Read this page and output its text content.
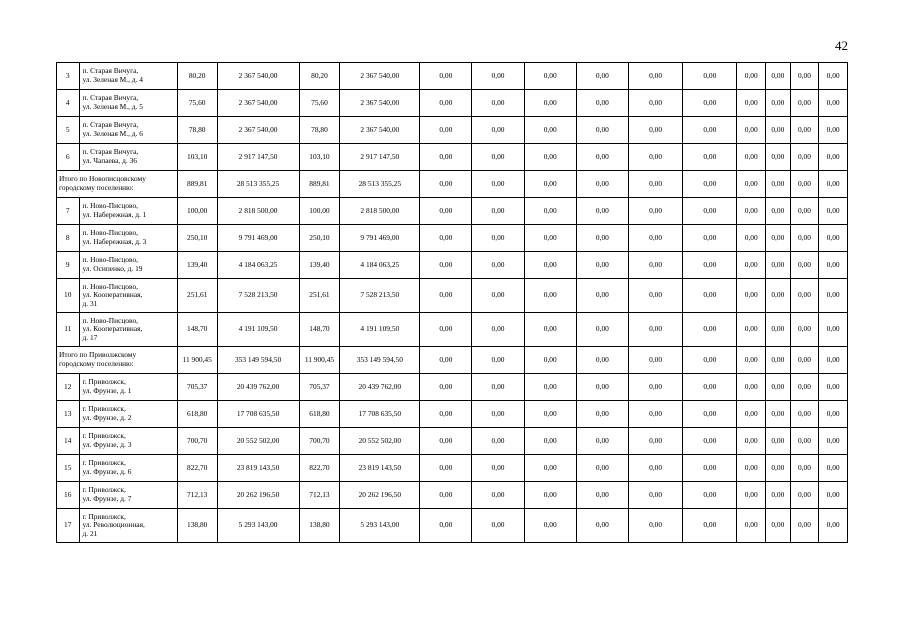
42
3	п. Старая Вичуга,
ул. Зеленая М., д. 4	80,20	2 367 540,00	80,20	2 367 540,00	0,00	0,00	0,00	0,00	0,00	0,00	0,00	0,00	0,00	0,00
4	п. Старая Вичуга,
ул. Зеленая М., д. 5	75,60	2 367 540,00	75,60	2 367 540,00	0,00	0,00	0,00	0,00	0,00	0,00	0,00	0,00	0,00	0,00
5	п. Старая Вичуга,
ул. Зеленая М., д. 6	78,80	2 367 540,00	78,80	2 367 540,00	0,00	0,00	0,00	0,00	0,00	0,00	0,00	0,00	0,00	0,00
6	п. Старая Вичуга,
ул. Чапаева, д. 36	103,10	2 917 147,50	103,10	2 917 147,50	0,00	0,00	0,00	0,00	0,00	0,00	0,00	0,00	0,00	0,00
Итого по Новописцовскому
городскому поселению:		889,81	28 513 355,25	889,81	28 513 355,25	0,00	0,00	0,00	0,00	0,00	0,00	0,00	0,00	0,00	0,00
7	п. Ново-Писцово,
ул. Набережная, д. 1	100,00	2 818 500,00	100,00	2 818 500,00	0,00	0,00	0,00	0,00	0,00	0,00	0,00	0,00	0,00	0,00
8	п. Ново-Писцово,
ул. Набережная, д. 3	250,10	9 791 469,00	250,10	9 791 469,00	0,00	0,00	0,00	0,00	0,00	0,00	0,00	0,00	0,00	0,00
9	п. Ново-Писцово,
ул. Осипенко, д. 19	139,40	4 184 063,25	139,40	4 184 063,25	0,00	0,00	0,00	0,00	0,00	0,00	0,00	0,00	0,00	0,00
10	п. Ново-Писцово,
ул. Кооперативная,
д. 31	251,61	7 528 213,50	251,61	7 528 213,50	0,00	0,00	0,00	0,00	0,00	0,00	0,00	0,00	0,00	0,00
11	п. Ново-Писцово,
ул. Кооперативная,
д. 17	148,70	4 191 109,50	148,70	4 191 109,50	0,00	0,00	0,00	0,00	0,00	0,00	0,00	0,00	0,00	0,00
Итого по Приволжскому
городскому поселению:		11 900,45	353 149 594,50	11 900,45	353 149 594,50	0,00	0,00	0,00	0,00	0,00	0,00	0,00	0,00	0,00	0,00
12	г. Приволжск,
ул. Фрунзе, д. 1	705,37	20 439 762,00	705,37	20 439 762,00	0,00	0,00	0,00	0,00	0,00	0,00	0,00	0,00	0,00	0,00
13	г. Приволжск,
ул. Фрунзе, д. 2	618,80	17 708 635,50	618,80	17 708 635,50	0,00	0,00	0,00	0,00	0,00	0,00	0,00	0,00	0,00	0,00
14	г. Приволжск,
ул. Фрунзе, д. 3	700,70	20 552 502,00	700,70	20 552 502,00	0,00	0,00	0,00	0,00	0,00	0,00	0,00	0,00	0,00	0,00
15	г. Приволжск,
ул. Фрунзе, д. 6	822,70	23 819 143,50	822,70	23 819 143,50	0,00	0,00	0,00	0,00	0,00	0,00	0,00	0,00	0,00	0,00
16	г. Приволжск,
ул. Фрунзе, д. 7	712,13	20 262 196,50	712,13	20 262 196,50	0,00	0,00	0,00	0,00	0,00	0,00	0,00	0,00	0,00	0,00
17	г. Приволжск,
ул. Революционная,
д. 21	138,80	5 293 143,00	138,80	5 293 143,00	0,00	0,00	0,00	0,00	0,00	0,00	0,00	0,00	0,00	0,00
